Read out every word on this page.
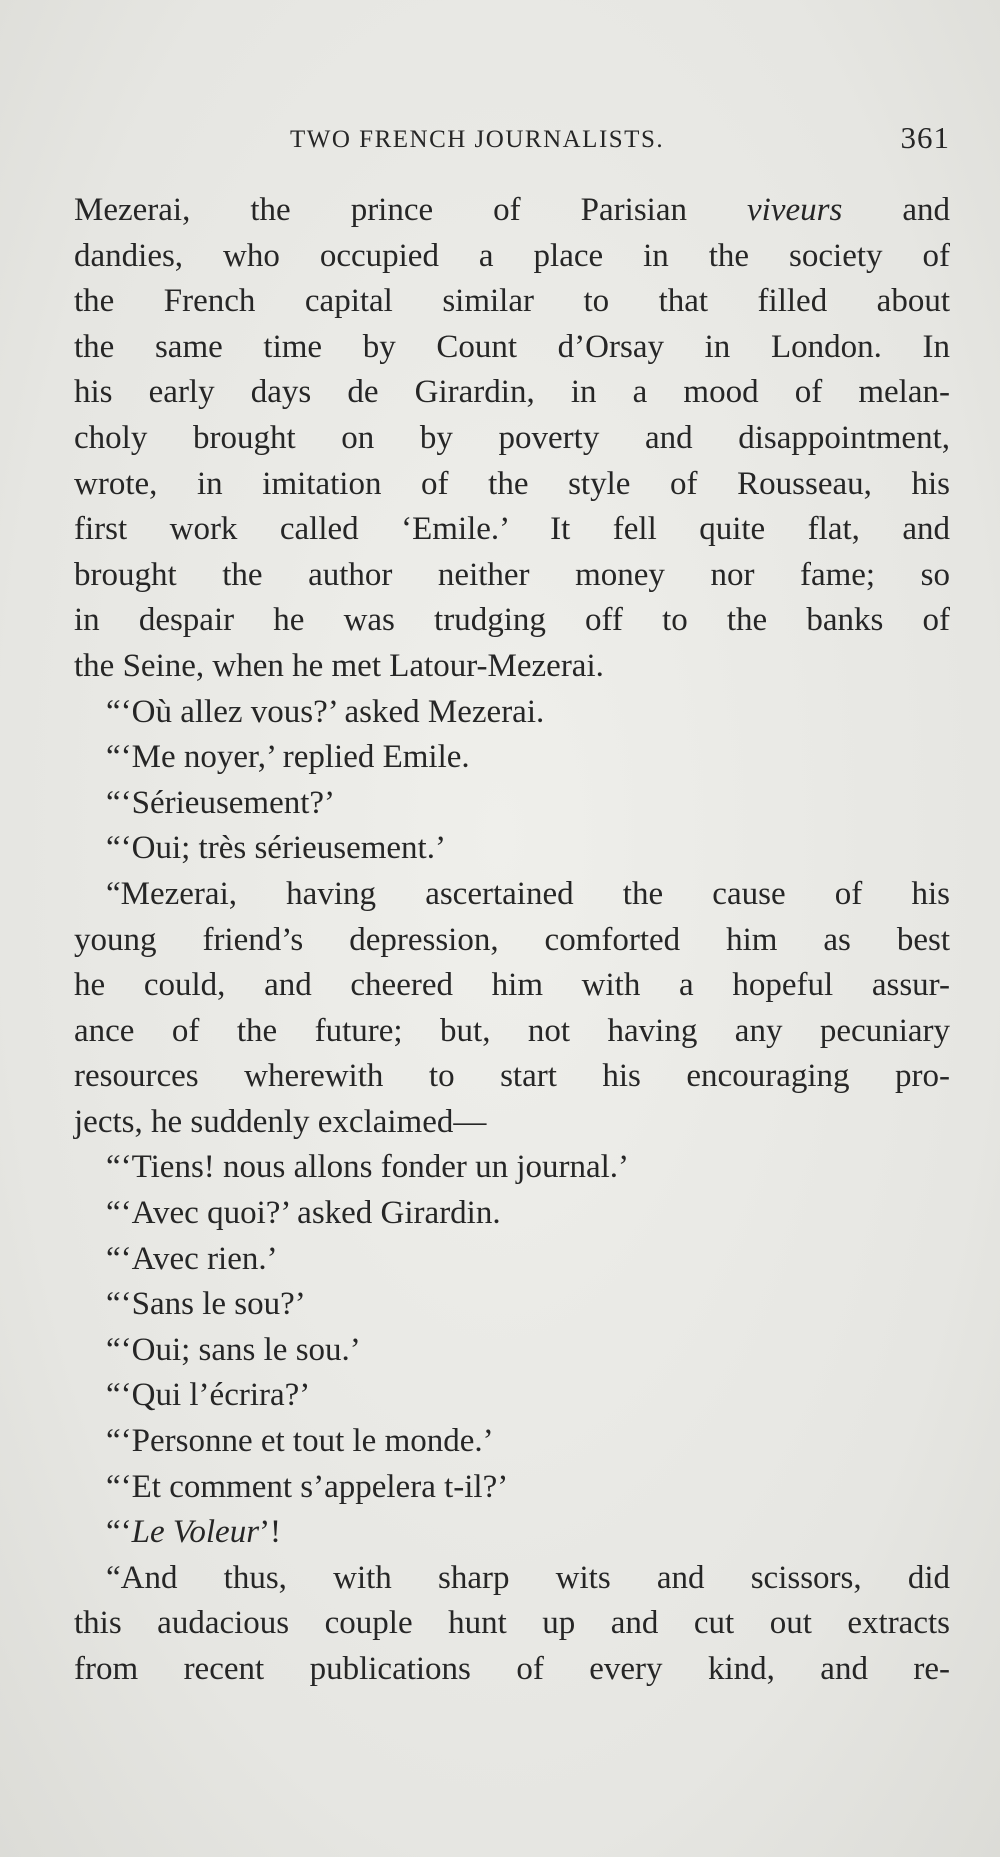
TWO FRENCH JOURNALISTS.	361
Mezerai, the prince of Parisian viveurs and
dandies, who occupied a place in the society of
the French capital similar to that filled about
the same time by Count d’Orsay in London. In
his early days de Girardin, in a mood of melan-
choly brought on by poverty and disappointment,
wrote, in imitation of the style of Rousseau, his
first work called ‘Emile.’ It fell quite flat, and
brought the author neither money nor fame; so
in despair he was trudging off to the banks of
the Seine, when he met Latour-Mezerai.
“‘Où allez vous?’ asked Mezerai.
“‘Me noyer,’ replied Emile.
“‘Sérieusement?’
“‘Oui; très sérieusement.’
“Mezerai, having ascertained the cause of his
young friend’s depression, comforted him as best
he could, and cheered him with a hopeful assur-
ance of the future; but, not having any pecuniary
resources wherewith to start his encouraging pro-
jects, he suddenly exclaimed—
“‘Tiens! nous allons fonder un journal.’
“‘Avec quoi?’ asked Girardin.
“‘Avec rien.’
“‘Sans le sou?’
“‘Oui; sans le sou.’
“‘Qui l’écrira?’
“‘Personne et tout le monde.’
“‘Et comment s’appelera t-il?’
“‘Le Voleur’!
“And thus, with sharp wits and scissors, did
this audacious couple hunt up and cut out extracts
from recent publications of every kind, and re-
